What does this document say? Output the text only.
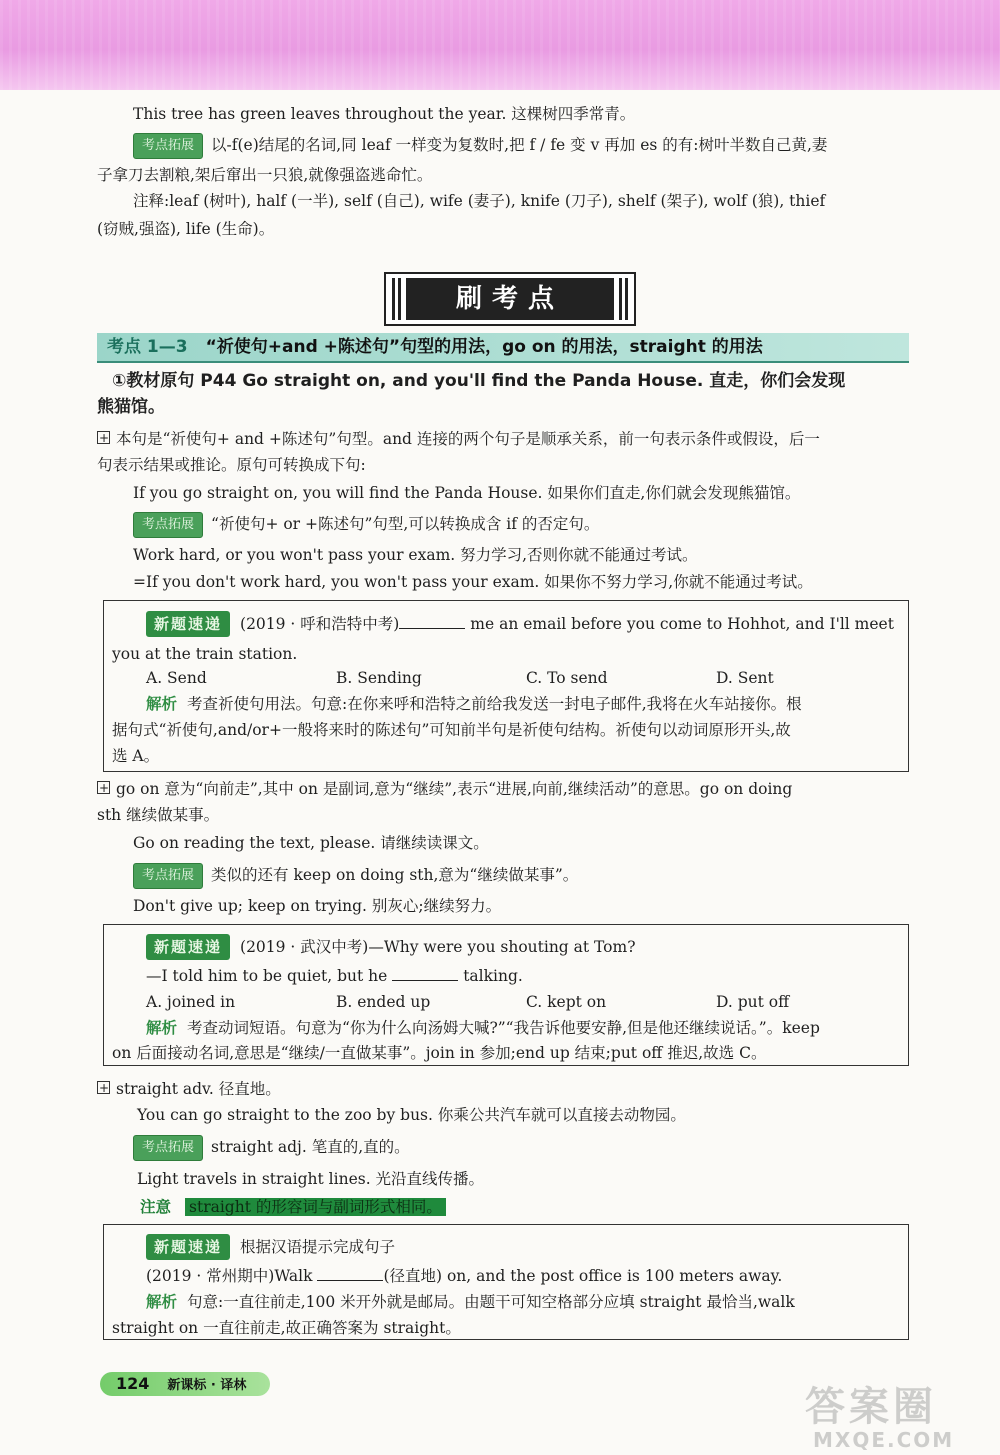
This tree has green leaves throughout the year. 这棵树四季常青。
考点拓展 以-f(e)结尾的名词,同 leaf 一样变为复数时,把 f / fe 变 v 再加 es 的有:树叶半数自己黄,妻
子拿刀去割粮,架后窜出一只狼,就像强盗逃命忙。
注释:leaf (树叶), half (一半), self (自己), wife (妻子), knife (刀子), shelf (架子), wolf (狼), thief
(窃贼,强盗), life (生命)。
刷考点
考点 1—3 “祈使句+and +陈述句”句型的用法，go on 的用法，straight 的用法
①教材原句 P44 Go straight on, and you'll find the Panda House. 直走，你们会发现
熊猫馆。
+本句是“祈使句+ and +陈述句”句型。and 连接的两个句子是顺承关系，前一句表示条件或假设，后一
句表示结果或推论。原句可转换成下句:
If you go straight on, you will find the Panda House. 如果你们直走,你们就会发现熊猫馆。
考点拓展 “祈使句+ or +陈述句”句型,可以转换成含 if 的否定句。
Work hard, or you won't pass your exam. 努力学习,否则你就不能通过考试。
=If you don't work hard, you won't pass your exam. 如果你不努力学习,你就不能通过考试。
新题速递 (2019 · 呼和浩特中考)	me an email before you come to Hohhot, and I'll meet
you at the train station.
A. Send	B. Sending	C. To send	D. Sent
解析 考查祈使句用法。句意:在你来呼和浩特之前给我发送一封电子邮件,我将在火车站接你。根
据句式“祈使句,and/or+一般将来时的陈述句”可知前半句是祈使句结构。祈使句以动词原形开头,故
选 A。
+go on 意为“向前走”,其中 on 是副词,意为“继续”,表示“进展,向前,继续活动”的意思。go on doing
sth 继续做某事。
Go on reading the text, please. 请继续读课文。
考点拓展 类似的还有 keep on doing sth,意为“继续做某事”。
Don't give up; keep on trying. 别灰心;继续努力。
新题速递 (2019 · 武汉中考)—Why were you shouting at Tom?
—I told him to be quiet, but he	talking.
A. joined in	B. ended up	C. kept on	D. put off
解析 考查动词短语。句意为“你为什么向汤姆大喊?”“我告诉他要安静,但是他还继续说话。”。keep
on 后面接动名词,意思是“继续/一直做某事”。join in 参加;end up 结束;put off 推迟,故选 C。
+straight adv. 径直地。
You can go straight to the zoo by bus. 你乘公共汽车就可以直接去动物园。
考点拓展 straight adj. 笔直的,直的。
Light travels in straight lines. 光沿直线传播。
注意 straight 的形容词与副词形式相同。
新题速递 根据汉语提示完成句子
(2019 · 常州期中)Walk	(径直地) on, and the post office is 100 meters away.
解析 句意:一直往前走,100 米开外就是邮局。由题干可知空格部分应填 straight 最恰当,walk
straight on 一直往前走,故正确答案为 straight。
124 新课标 · 译林	答案圈
MXQE.COM
